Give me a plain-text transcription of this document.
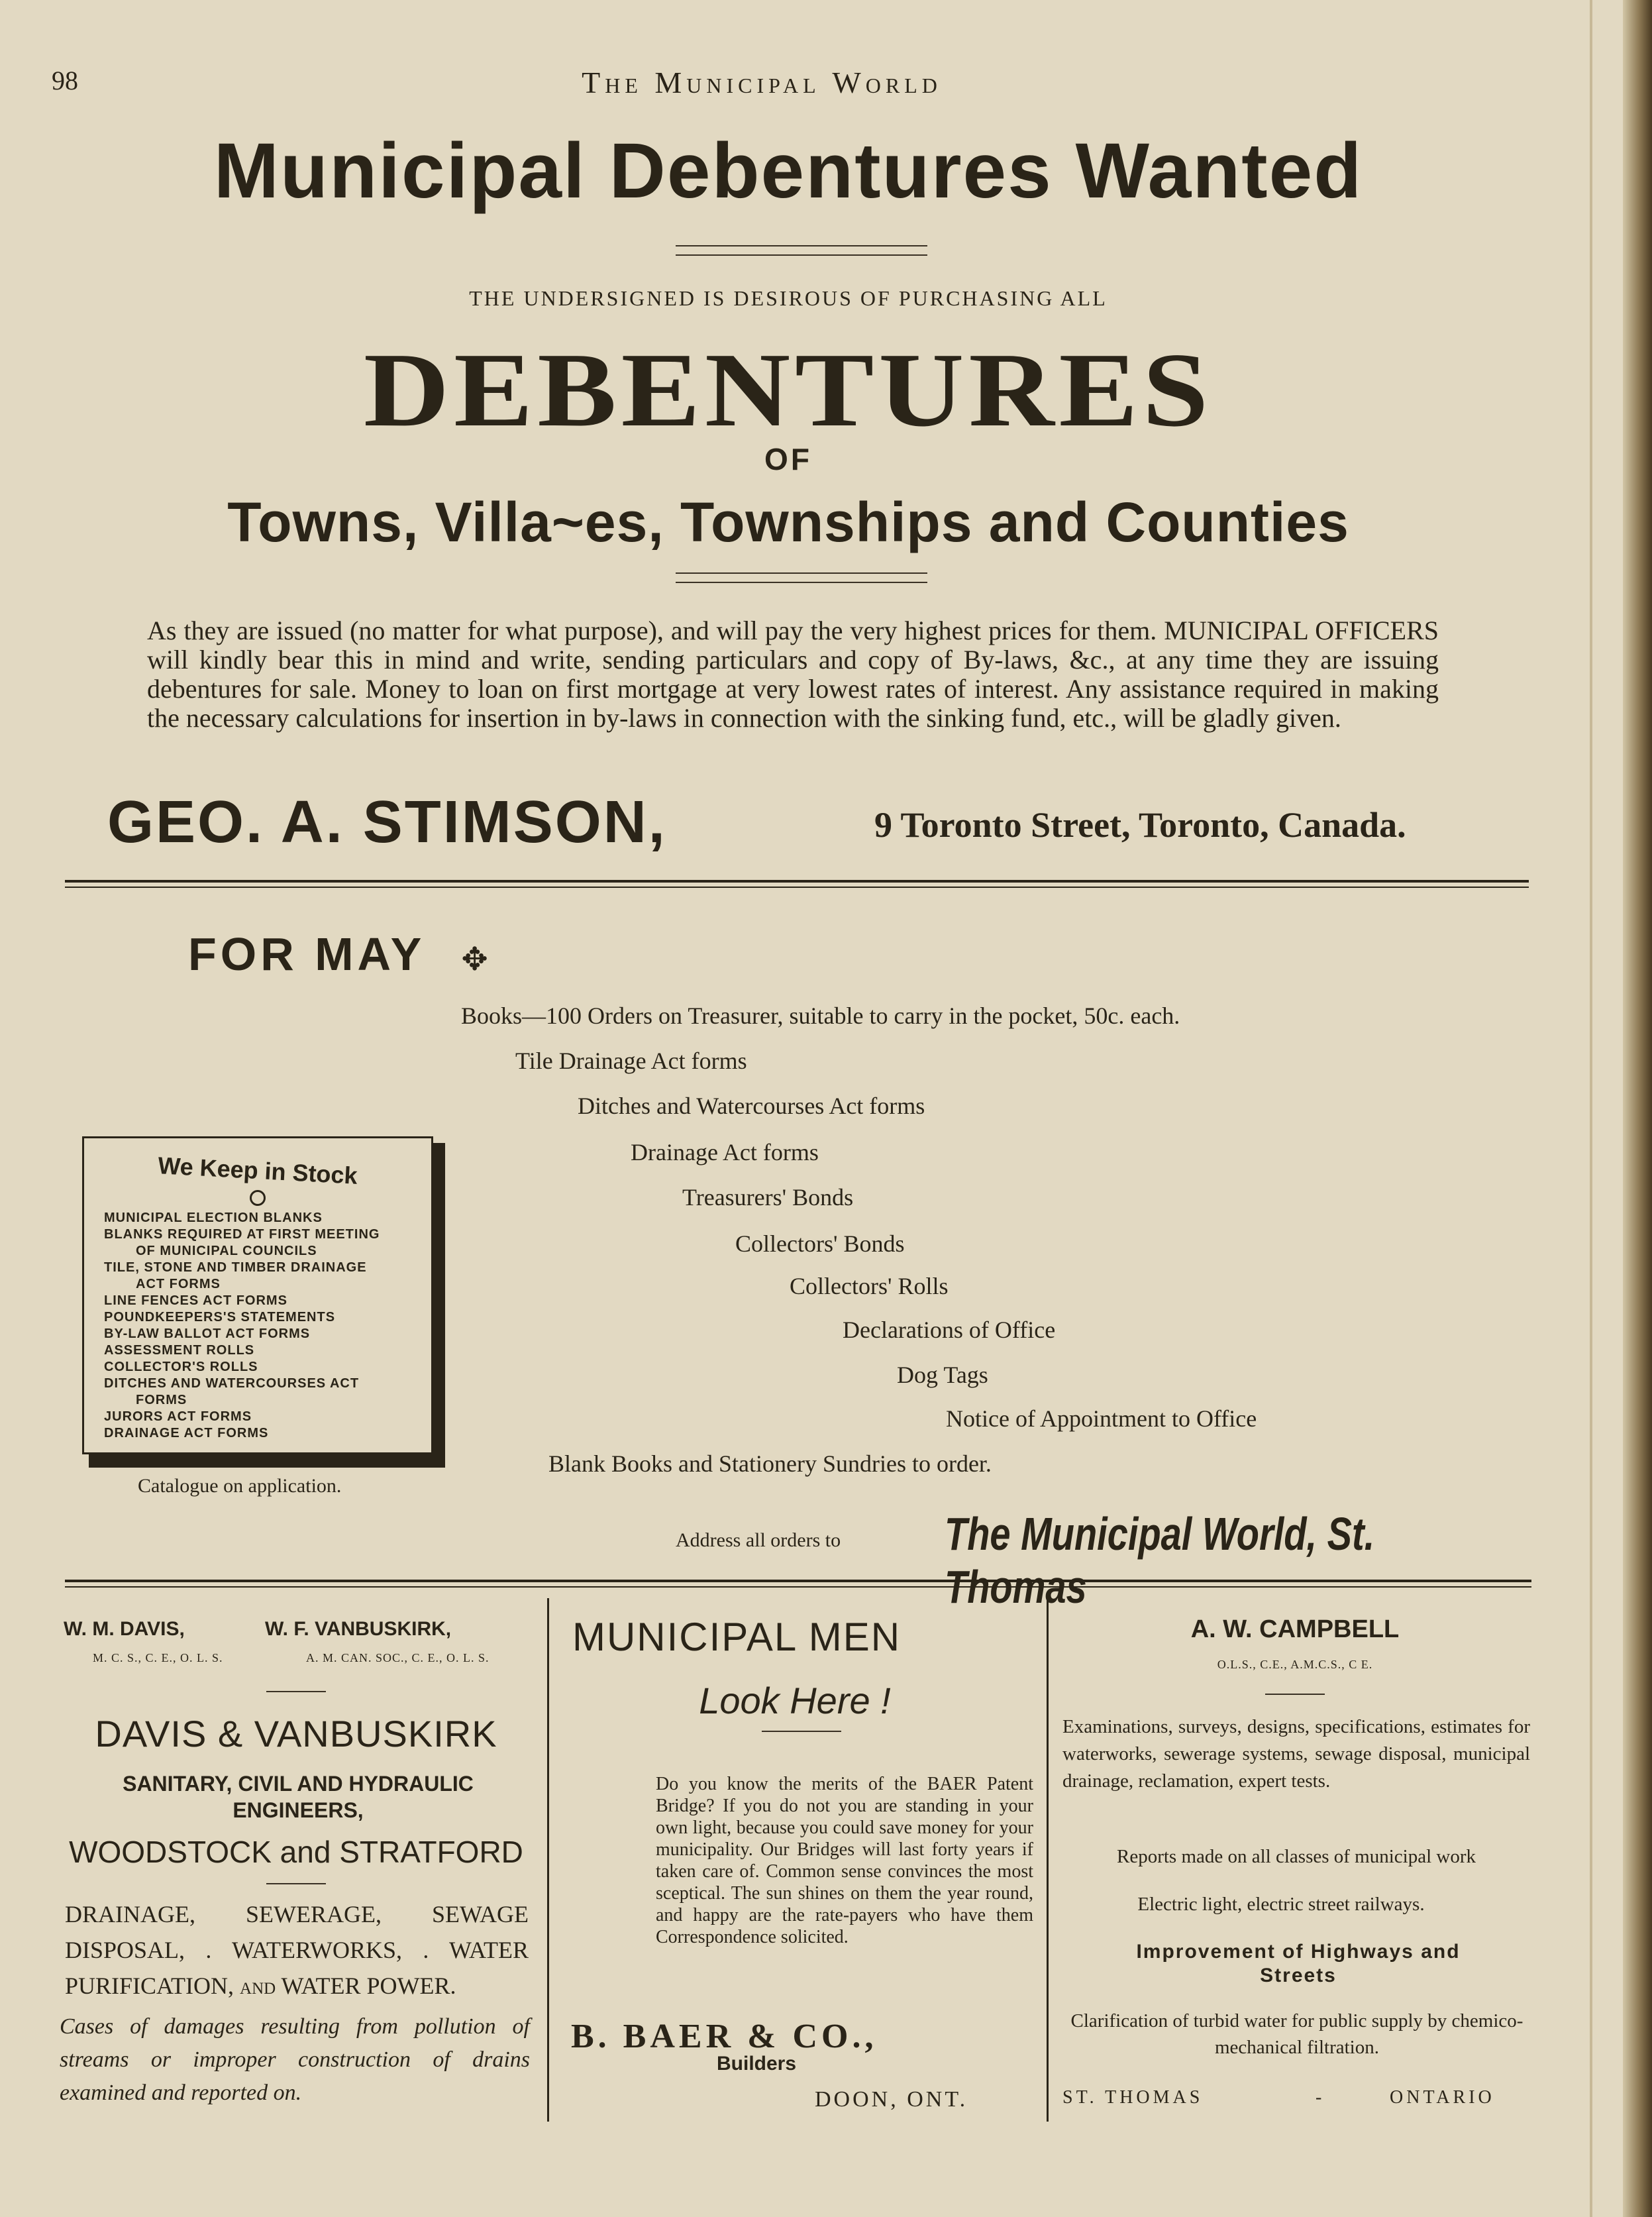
98	The Municipal World
Municipal Debentures Wanted
THE UNDERSIGNED IS DESIROUS OF PURCHASING ALL
DEBENTURES
OF
Towns, Villa~es, Townships and Counties
As they are issued (no matter for what purpose), and will pay the very highest prices for them. MUNICIPAL OFFICERS will kindly bear this in mind and write, sending particulars and copy of By-laws, &c., at any time they are issuing debentures for sale. Money to loan on first mortgage at very lowest rates of interest. Any assistance required in making the necessary calculations for insertion in by-laws in connection with the sinking fund, etc., will be gladly given.
GEO. A. STIMSON,	9 Toronto Street, Toronto, Canada.
FOR MAY ✥
Books—100 Orders on Treasurer, suitable to carry in the pocket, 50c. each.
Tile Drainage Act forms
Ditches and Watercourses Act forms
Drainage Act forms
Treasurers' Bonds
Collectors' Bonds
Collectors' Rolls
Declarations of Office
Dog Tags
Notice of Appointment to Office
Blank Books and Stationery Sundries to order.
We Keep in Stock
MUNICIPAL ELECTION BLANKS
BLANKS REQUIRED AT FIRST MEETING
OF MUNICIPAL COUNCILS
TILE, STONE AND TIMBER DRAINAGE
ACT FORMS
LINE FENCES ACT FORMS
POUNDKEEPERS'S STATEMENTS
BY-LAW BALLOT ACT FORMS
ASSESSMENT ROLLS
COLLECTOR'S ROLLS
DITCHES AND WATERCOURSES ACT
FORMS
JURORS ACT FORMS
DRAINAGE ACT FORMS
Catalogue on application.
Address all orders to The Municipal World, St.
W. M. DAVIS,
M. C. S., C. E., O. L. S.
W. F. VANBUSKIRK,
A. M. CAN. SOC., C. E., O. L. S.
DAVIS & VANBUSKIRK
SANITARY, CIVIL AND HYDRAULIC ENGINEERS,
WOODSTOCK and STRATFORD
DRAINAGE, SEWERAGE, SEWAGE DISPOSAL, . WATERWORKS, . WATER PURIFICATION, and WATER POWER.
Cases of damages resulting from pollution of streams or improper construction of drains examined and reported on.
MUNICIPAL MEN
Look Here !
Do you know the merits of the BAER Patent Bridge? If you do not you are standing in your own light, because you could save money for your municipality. Our Bridges will last forty years if taken care of. Common sense convinces the most sceptical. The sun shines on them the year round, and happy are the rate-payers who have them Correspondence solicited.
B. BAER & CO.,
Builders
DOON, ONT.
A. W. CAMPBELL
O.L.S., C.E., A.M.C.S., C E.
Examinations, surveys, designs, specifications, estimates for waterworks, sewerage systems, sewage disposal, municipal drainage, reclamation, expert tests.
Reports made on all classes of municipal work
Electric light, electric street railways.
Improvement of Highways and Streets
Clarification of turbid water for public supply by chemico-mechanical filtration.
ST. THOMAS	-	ONTARIO
